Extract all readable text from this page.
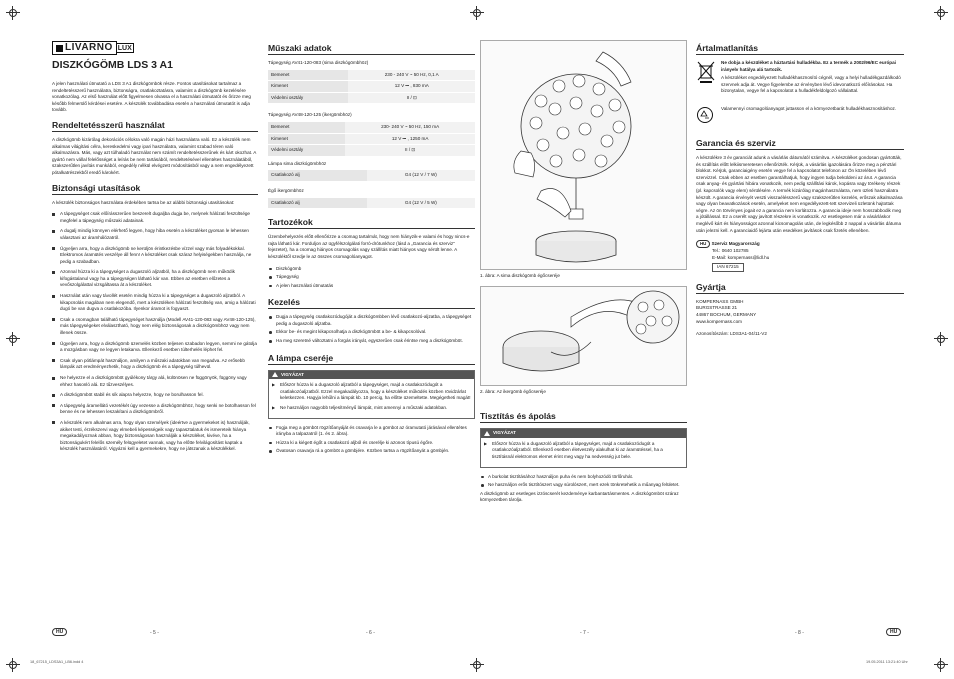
LIVARNO LUX
DISZKÓGÖMB LDS 3 A1

A jelen használati útmutató a LDS 3 A1 diszkógömbök része. Fontos utasításokat tartalmaz a rendeltetésszerű használatra, biztonságra, csatlakoztatásra, valamint a diszkógömb kezelésére vonatkozólag. Az első használat előtt figyelmesen olvassa el a használati útmutatót és őrizze meg később felmerülő kérdései esetére. A készülék továbbadása esetén a használati útmutatót is adja tovább.

Rendeltetésszerű használat

A diszkógömb kizárólag dekorációs célokra való magán házi használatra való. Ez a készülék nem alkalmas világítási célra, kereskedelmi vagy ipari használatra, valamint szabad téren való alkalmazásra. Más, vagy azt túlhaladó használat nem számít rendeltetésszerűnek és kárt okozhat. A gyártó nem vállal felelősséget a leírás be nem tartásából, rendeltetésével ellentétes használatából, szakszerűtlen javítás munkából, engedély nélkül elvégzett módosításból vagy a nem engedélyezett pótalkatrészekből eredő károkért.

Biztonsági utasítások

A készülék biztonságos használata érdekében tartsa be az alábbi biztonsági utasításokat:

A tápegységet csak előírásszerűen beszerelt dugaljba dugja be, melynek hálózati feszültsége megfelel a tápegység műszaki adatainak.
A dugalj mindig könnyen elérhető legyen, hogy hiba esetén a készüléket gyorsan le lehessen választani az áramhálózatról.
Ügyeljen arra, hogy a diszkógömb ne kerüljön érintkezésbe vízzel vagy más folyadékokkal. Elektromos áramütés veszélye áll fenn! A készüléket csak száraz helyiségekben használja, ne pedig a szabadban.
Azonnal húzza ki a tápegységet a dugaszoló aljzatból, ha a diszkógömb nem működik kifogástalanul vagy ha a tápegységen látható kár van. Ebben az esetben előzetes a vevőszolgálattal vizsgáltassa át a készüléket.
Használat után vagy távollét esetén mindig húzza ki a tápegységet a dugaszoló aljzatból. A kikapcsolás magában nem elegendő, mert a készüléken hálózati feszültség van, amig a hálózati dugó be van dugva a csatlakozóba. Ilyenkor áramot is fogyaszt.
Csak a csomagban található tápegységet használja (Modell AV41-120-083 vagy AV48-120-125), más tápegységeket elválasztható, hogy nem elég biztonságosak a diszkógömbhöz vagy nem illenek össze.
Ügyeljen arra, hogy a diszkógömb üzemelés közben teljesen szabadon legyen, semmi ne gátolja a mozgásban vagy ne legyen letakarva. Ellenkező esetben túlterhelés léphet fel.
Csak olyan pótlámpát használjon, amilyen a műszaki adatokban van megadva. Az erősebb lámpák azt eredményezhetik, hogy a diszkógömb és a tápegység túlhevül.
Ne helyezze el a diszkógömböt gyúlékony tárgy alá, különösen ne függönyök, függöny vagy ehhez hasonló alá. Ez tűzveszélyes.
A diszkógömböt stabil és sík alapra helyezze, hogy ne borulhasson fel.
A tápegység áramellátó vezetékét úgy vezesse a diszkógömbhöz, hogy senki ne botolhasson fel benne és ne lehessen leszakítani a diszkógömbről.
A készülék nem alkalmas arra, hogy olyan személyek (ideértve a gyermekeket is) használják, akiket testi, érzékszervi vagy elmebeli képességeik vagy tapasztalatuk és ismereteik hiánya megakadályoznak abban, hogy biztonságosan használják a készüléket, kivéve, ha a biztonságukért felelős személy felügyeletet vannak, vagy ha előtte felvilágosítást kaptak a készülék használatáról. Vigyázni kell a gyermekekre, hogy ne játszanak a készülékkel.
Műszaki adatok
Tápegység AV41-120-083 (sima diszkógömbhöz)
Bemenet	230 - 240 V ~ 50 Hz, 0,1 A
Kimenet	12 V ⎓ , 830 mA
Védelmi osztály	II / ⊡
Tápegység AV48-120-125 (ikergömbhöz)
Bemenet	230- 240 V ~ 50 Hz, 150 mA
Kimenet	12 V ⎓ , 1250 mA
Védelmi osztály	II / ⊡
Lámpa sima diszkógömbhöz
Csatlakozó alj	G4 (12 V / 7 W)
Égő ikergömbhöz
Csatlakozó alj	G4 (12 V / 5 W)
Tartozékok

Üzembehelyezés előtt ellenőrizze a csomag tartalmát, hogy nem hiányzik-e valami és hogy nincs-e rajta látható kár. Forduljon az ügyfélszolgálati forró-drótunkhoz (lásd a „Garancia és szerviz" fejezetet), ha a csomag hiányos csomagolás vagy szállítás miatt hiányos vagy sérült lenne. A készüléktől szedje le az összes csomagolóanyagot.

Diszkógömb
Tápegység
A jelen használati útmutatás
Kezelés
Dugja a tápegység csatlakozódugóját a diszkógömbben lévő csatlakozó-aljzatba, a tápegységet pedig a dugaszoló aljzatba.
Ekkor be- és megint kikapcsolhatja a diszkógömböt a be- & kikapcsolóval.
Ha meg szeretné változtatni a forgás irányát, egyszerűen csak érintse meg a diszkógömböt.
A lámpa cseréje
VIGYÁZAT
▶ Először húzza ki a dugaszoló aljzatból a tápegységet, majd a csatlakozódugót a csatlakozóaljzatból. Ezzel megakadályozza, hogy a készüléket működés közben rövidzárlat keletkezzen. Hagyja lehűlni a lámpát kb. 10 percig, ha előtte üzemeltette. Megégetheti magát!
▶ Ne használjon nagyobb teljesítményű lámpát, mint amennyi a műszaki adatokban.
Fogja meg a gömböt rögzítőanyáját és csavarja le a gömbot az óramutató járásával ellentétes irányba a talpazatról (1. és 2. ábra).
Húzza ki a kiégett égőt a csatlakozó aljból és cserélje ki azonos típusú égőre.
Óvatosan csavarja rá a gömböt a gömbjére. Közben tartsa a rögzítőanyát a gömbjén.
1. ábra: A sima diszkógömb égőcseréje
2. ábra: Az ikergömb égőcseréje
Tisztítás és ápolás
VIGYÁZAT
▶ Először húzza ki a dugaszoló aljzatból a tápegységet, majd a csatlakozódugót a csatlakozóaljzatból. Ellenkező esetben életveszély alakulhat ki az áramütéssel, ha a tisztításnál elektromos elemet érint meg vagy ha nedvesség jut bele.
A burkolat tisztításához használjon puha és nem bolyhozódó törlőruhát.
Ne használjon erős tisztítószert vagy súrolószert, mert ezek tönkretehetik a műanyag felületet.

A diszkógömb az esetleges izzóscserét kezdeménye karbantartásmentes. A diszkógömböt száraz környezetben tárolja.

Ártalmatlanítás

Ne dobja a készüléket a háztartási hulladékba. Ez a termék a 2002/96/EC európai irányelv hatálya alá tartozik.

A készüléket engedélyezett hulladékhasznosító cégnél, vagy a helyi hulladékgazdálkodó szervnek adja át. Vegye figyelembe az érvényben lévő idevonatkozó előírásokat. Ha bizonytalan, vegye fel a kapcsolatot a hulladékfeldolgozó vállalattal.

Valamennyi csomagolóanyagot juttasson el a környezetbarát hulladékhasznosításhoz.

Garancia és szerviz

A készülékre 3 év garanciát adunk a vásárlás dátumától számítva. A készüléket gondosan gyártották, és szállítás előtt lelkiismeretesen ellenőrizték. Kérjük, a vásárlás igazolására őrizze meg a pénztári blokkot. Kérjük, garanciaigény esetén vegye fel a kapcsolatot telefonon az Ön közelében lévő szervizzel. Csak ebben az esetben garantálhatjuk, hogy ingyen tudja beküldeni az árut. A garancia csak anyag- és gyártási hibára vonatkozik, nem pedig szállítási károk, kopásra vagy törékeny részek (pl. kapcsolók vagy elem) sérülésére. A termék kizárólag magánhasználatra, nem üzleti használatra készült. A garancia érvényét veszti visszaélésszerű vagy szakszerűtlen kezelés, erőszak alkalmazása vagy olyan beavatkozások esetén, amelyeket nem engedélyezett-tett szervizeli üzletünk hajtottak végre. Az ön törvényes jogait ez a garancia nem korlátozza. A garancia ideje nem hosszabbodik meg a jótállással. Ez a cserélt vagy javított részekre is vonatkozik. Az esetlegesen már a vásárláskor meglévő kárt és hiányosságot azonnal kicsomagolás után, de legkésőbb 2 nappal a vásárlás dátuma után jelezni kell. A garanciaidő lejárta után esedékes javítások csak fizetés ellenében.

HU Szerviz Magyarország
Tel.: 0640 102785
E-Mail: kompernass@lidl.hu
IAN 67215
Gyártja
KOMPERNASS GMBH
BURGSTRASSE 21
44867 BOCHUM, GERMANY
www.kompernass.com
Azonosítószám: LDS3A1-04/11-V2
HU	HU
- 5 -	- 6 -	- 7 -	- 8 -
18_67215_LDS3A1_LB6.indd 4	19.05.2011 13:21:40 Uhr
